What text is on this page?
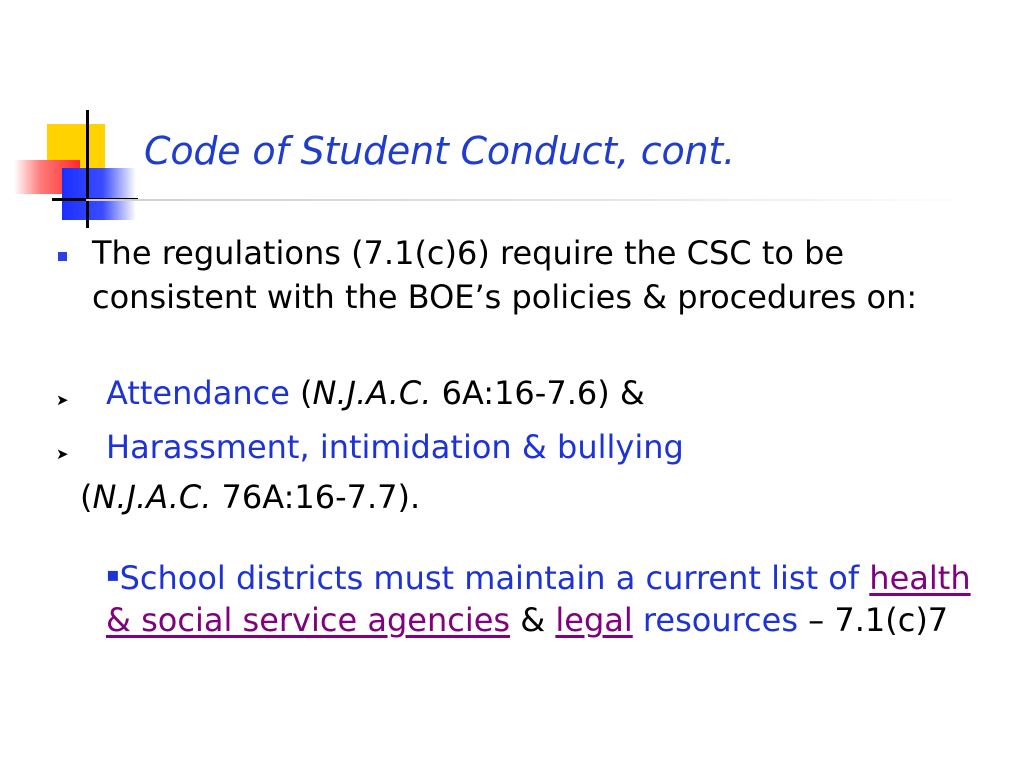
Code of Student Conduct, cont.
The regulations (7.1(c)6) require the CSC to be consistent with the BOE’s policies & procedures on:
➤ Attendance (N.J.A.C. 6A:16-7.6) &
➤ Harassment, intimidation & bullying
(N.J.A.C. 76A:16-7.7).
▪School districts must maintain a current list of health & social service agencies & legal resources – 7.1(c)7
